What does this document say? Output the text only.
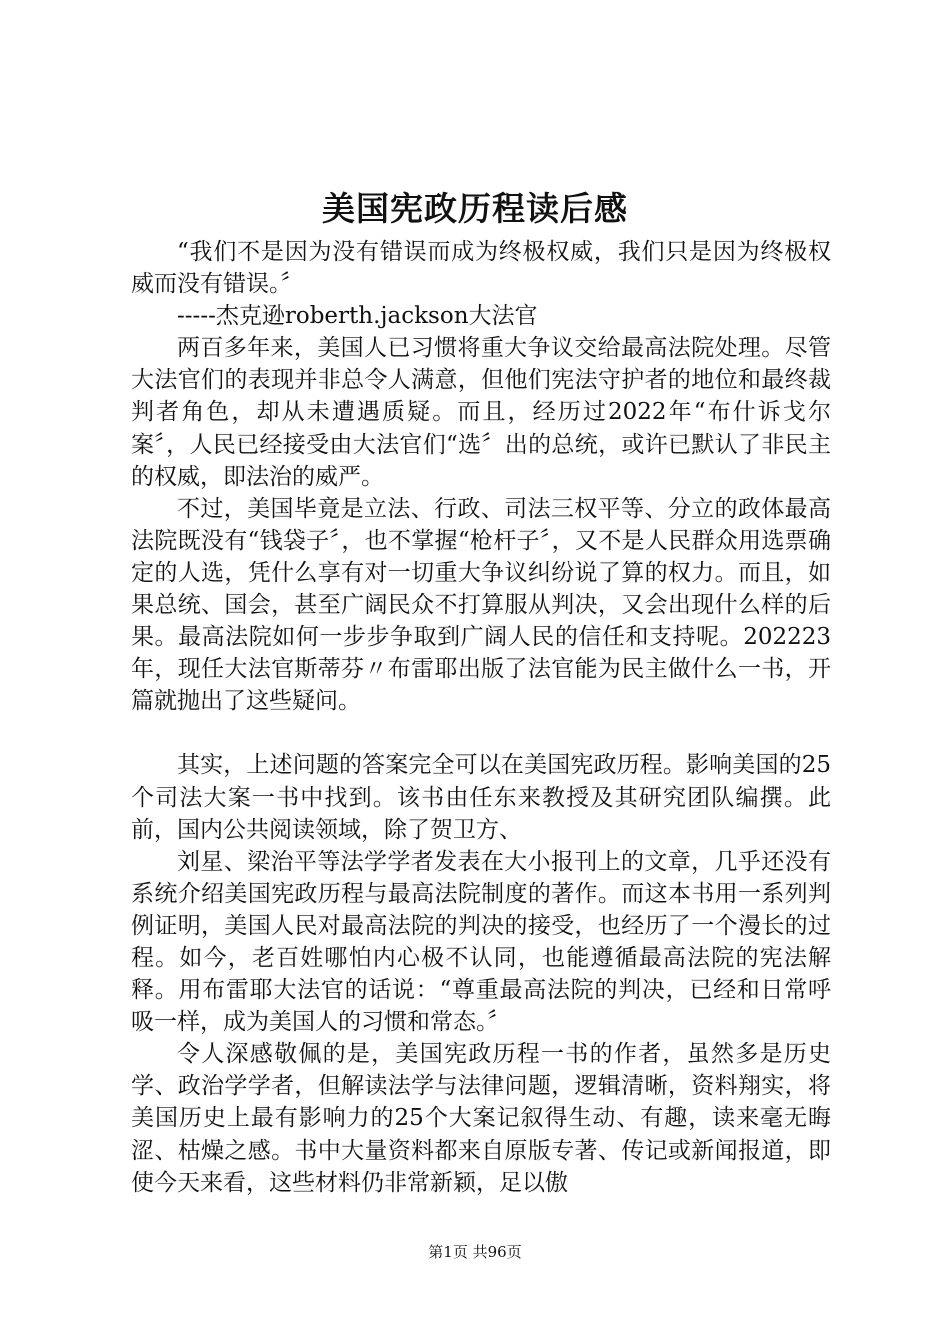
美国宪政历程读后感

“我们不是因为没有错误而成为终极权威，我们只是因为终极权威而没有错误。〞

-----杰克逊roberth.jackson大法官

两百多年来，美国人已习惯将重大争议交给最高法院处理。尽管大法官们的表现并非总令人满意，但他们宪法守护者的地位和最终裁判者角色，却从未遭遇质疑。而且，经历过2022年“布什诉戈尔案〞，人民已经接受由大法官们“选〞出的总统，或许已默认了非民主的权威，即法治的威严。

不过，美国毕竟是立法、行政、司法三权平等、分立的政体最高法院既没有“钱袋子〞，也不掌握“枪杆子〞，又不是人民群众用选票确定的人选，凭什么享有对一切重大争议纠纷说了算的权力。而且，如果总统、国会，甚至广阔民众不打算服从判决，又会出现什么样的后果。最高法院如何一步步争取到广阔人民的信任和支持呢。202223年，现任大法官斯蒂芬〃布雷耶出版了法官能为民主做什么一书，开篇就抛出了这些疑问。

其实，上述问题的答案完全可以在美国宪政历程。影响美国的25个司法大案一书中找到。该书由任东来教授及其研究团队编撰。此前，国内公共阅读领域，除了贺卫方、

刘星、梁治平等法学学者发表在大小报刊上的文章，几乎还没有系统介绍美国宪政历程与最高法院制度的著作。而这本书用一系列判例证明，美国人民对最高法院的判决的接受，也经历了一个漫长的过程。如今，老百姓哪怕内心极不认同，也能遵循最高法院的宪法解释。用布雷耶大法官的话说：“尊重最高法院的判决，已经和日常呼吸一样，成为美国人的习惯和常态。〞

令人深感敬佩的是，美国宪政历程一书的作者，虽然多是历史学、政治学学者，但解读法学与法律问题，逻辑清晰，资料翔实，将美国历史上最有影响力的25个大案记叙得生动、有趣，读来毫无晦涩、枯燥之感。书中大量资料都来自原版专著、传记或新闻报道，即使今天来看，这些材料仍非常新颖，足以傲

第1页 共96页
